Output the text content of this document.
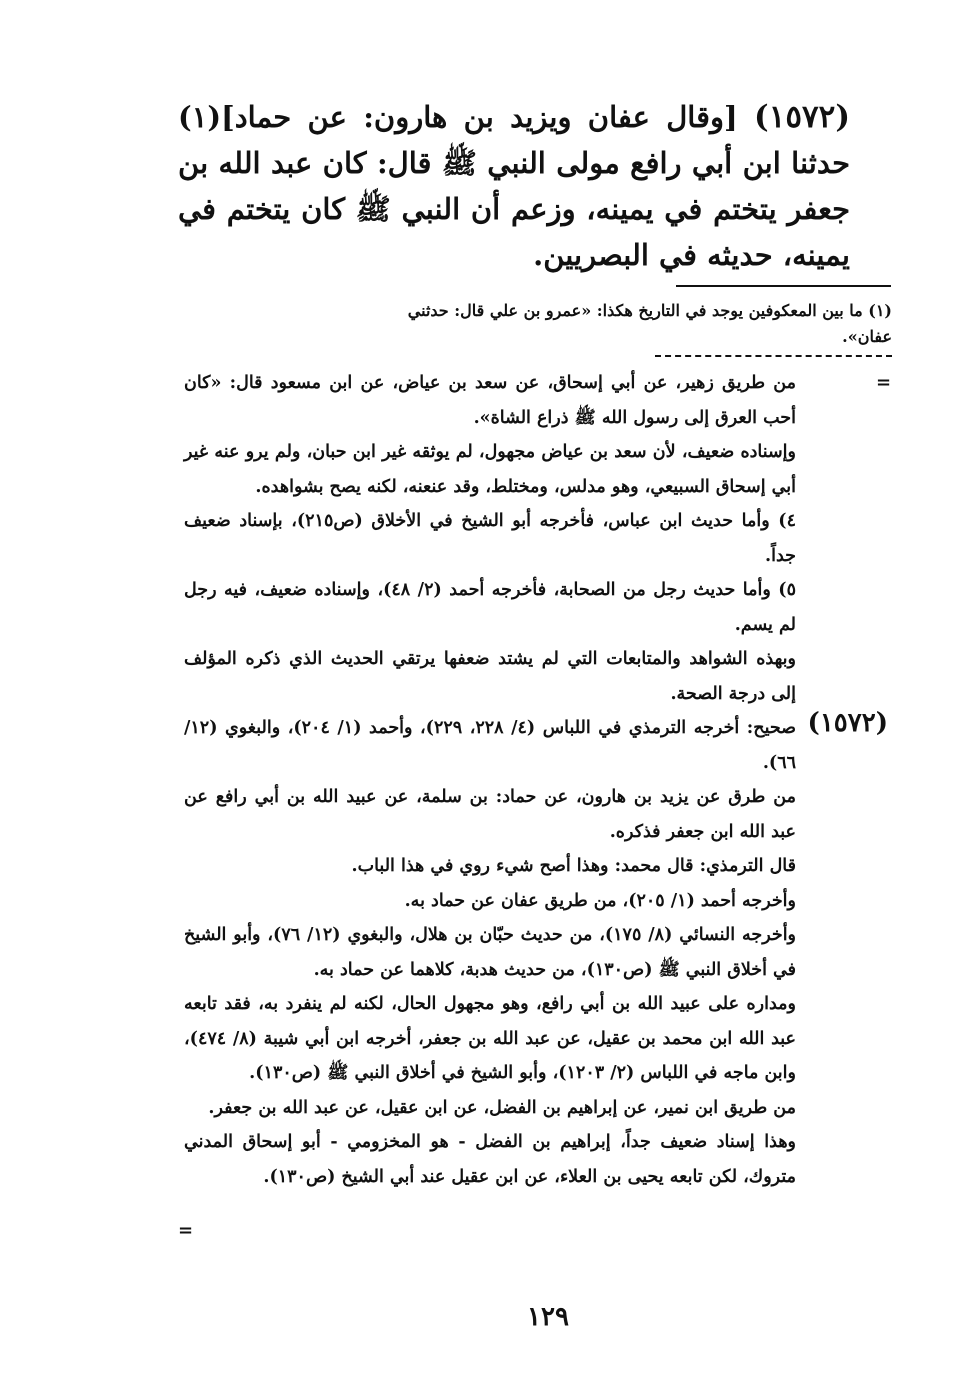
(١٥٧٢) [وقال عفان ويزيد بن هارون: عن حماد](١) حدثنا ابن أبي رافع مولى النبي ﷺ قال: كان عبد الله بن جعفر يتختم في يمينه، وزعم أن النبي ﷺ كان يتختم في يمينه، حديثه في البصريين.
(١) ما بين المعكوفين يوجد في التاريخ هكذا: «عمرو بن علي قال: حدثني عفان».
=
(١٥٧٢)

من طريق زهير، عن أبي إسحاق، عن سعد بن عياض، عن ابن مسعود قال: «كان أحب العرق إلى رسول الله ﷺ ذراع الشاة».

وإسناده ضعيف، لأن سعد بن عياض مجهول، لم يوثقه غير ابن حبان، ولم يرو عنه غير أبي إسحاق السبيعي، وهو مدلس، ومختلط، وقد عنعنه، لكنه يصح بشواهده.

٤) وأما حديث ابن عباس، فأخرجه أبو الشيخ في الأخلاق (ص٢١٥)، بإسناد ضعيف جداً.

٥) وأما حديث رجل من الصحابة، فأخرجه أحمد (٢/ ٤٨)، وإسناده ضعيف، فيه رجل لم يسم.

وبهذه الشواهد والمتابعات التي لم يشتد ضعفها يرتقي الحديث الذي ذكره المؤلف إلى درجة الصحة.

صحيح: أخرجه الترمذي في اللباس (٤/ ٢٢٨، ٢٢٩)، وأحمد (١/ ٢٠٤)، والبغوي (١٢/ ٦٦).

من طرق عن يزيد بن هارون، عن حماد: بن سلمة، عن عبيد الله بن أبي رافع عن عبد الله ابن جعفر فذكره.

قال الترمذي: قال محمد: وهذا أصح شيء روي في هذا الباب.

وأخرجه أحمد (١/ ٢٠٥)، من طريق عفان عن حماد به.

وأخرجه النسائي (٨/ ١٧٥)، من حديث حبّان بن هلال، والبغوي (١٢/ ٧٦)، وأبو الشيخ في أخلاق النبي ﷺ (ص١٣٠)، من حديث هدبة، كلاهما عن حماد به.

ومداره على عبيد الله بن أبي رافع، وهو مجهول الحال، لكنه لم ينفرد به، فقد تابعه عبد الله ابن محمد بن عقيل، عن عبد الله بن جعفر، أخرجه ابن أبي شيبة (٨/ ٤٧٤)، وابن ماجه في اللباس (٢/ ١٢٠٣)، وأبو الشيخ في أخلاق النبي ﷺ (ص١٣٠).

من طريق ابن نمير، عن إبراهيم بن الفضل، عن ابن عقيل، عن عبد الله بن جعفر.

وهذا إسناد ضعيف جداً، إبراهيم بن الفضل - هو المخزومي - أبو إسحاق المدني متروك، لكن تابعه يحيى بن العلاء، عن ابن عقيل عند أبي الشيخ (ص١٣٠).

=
١٢٩
